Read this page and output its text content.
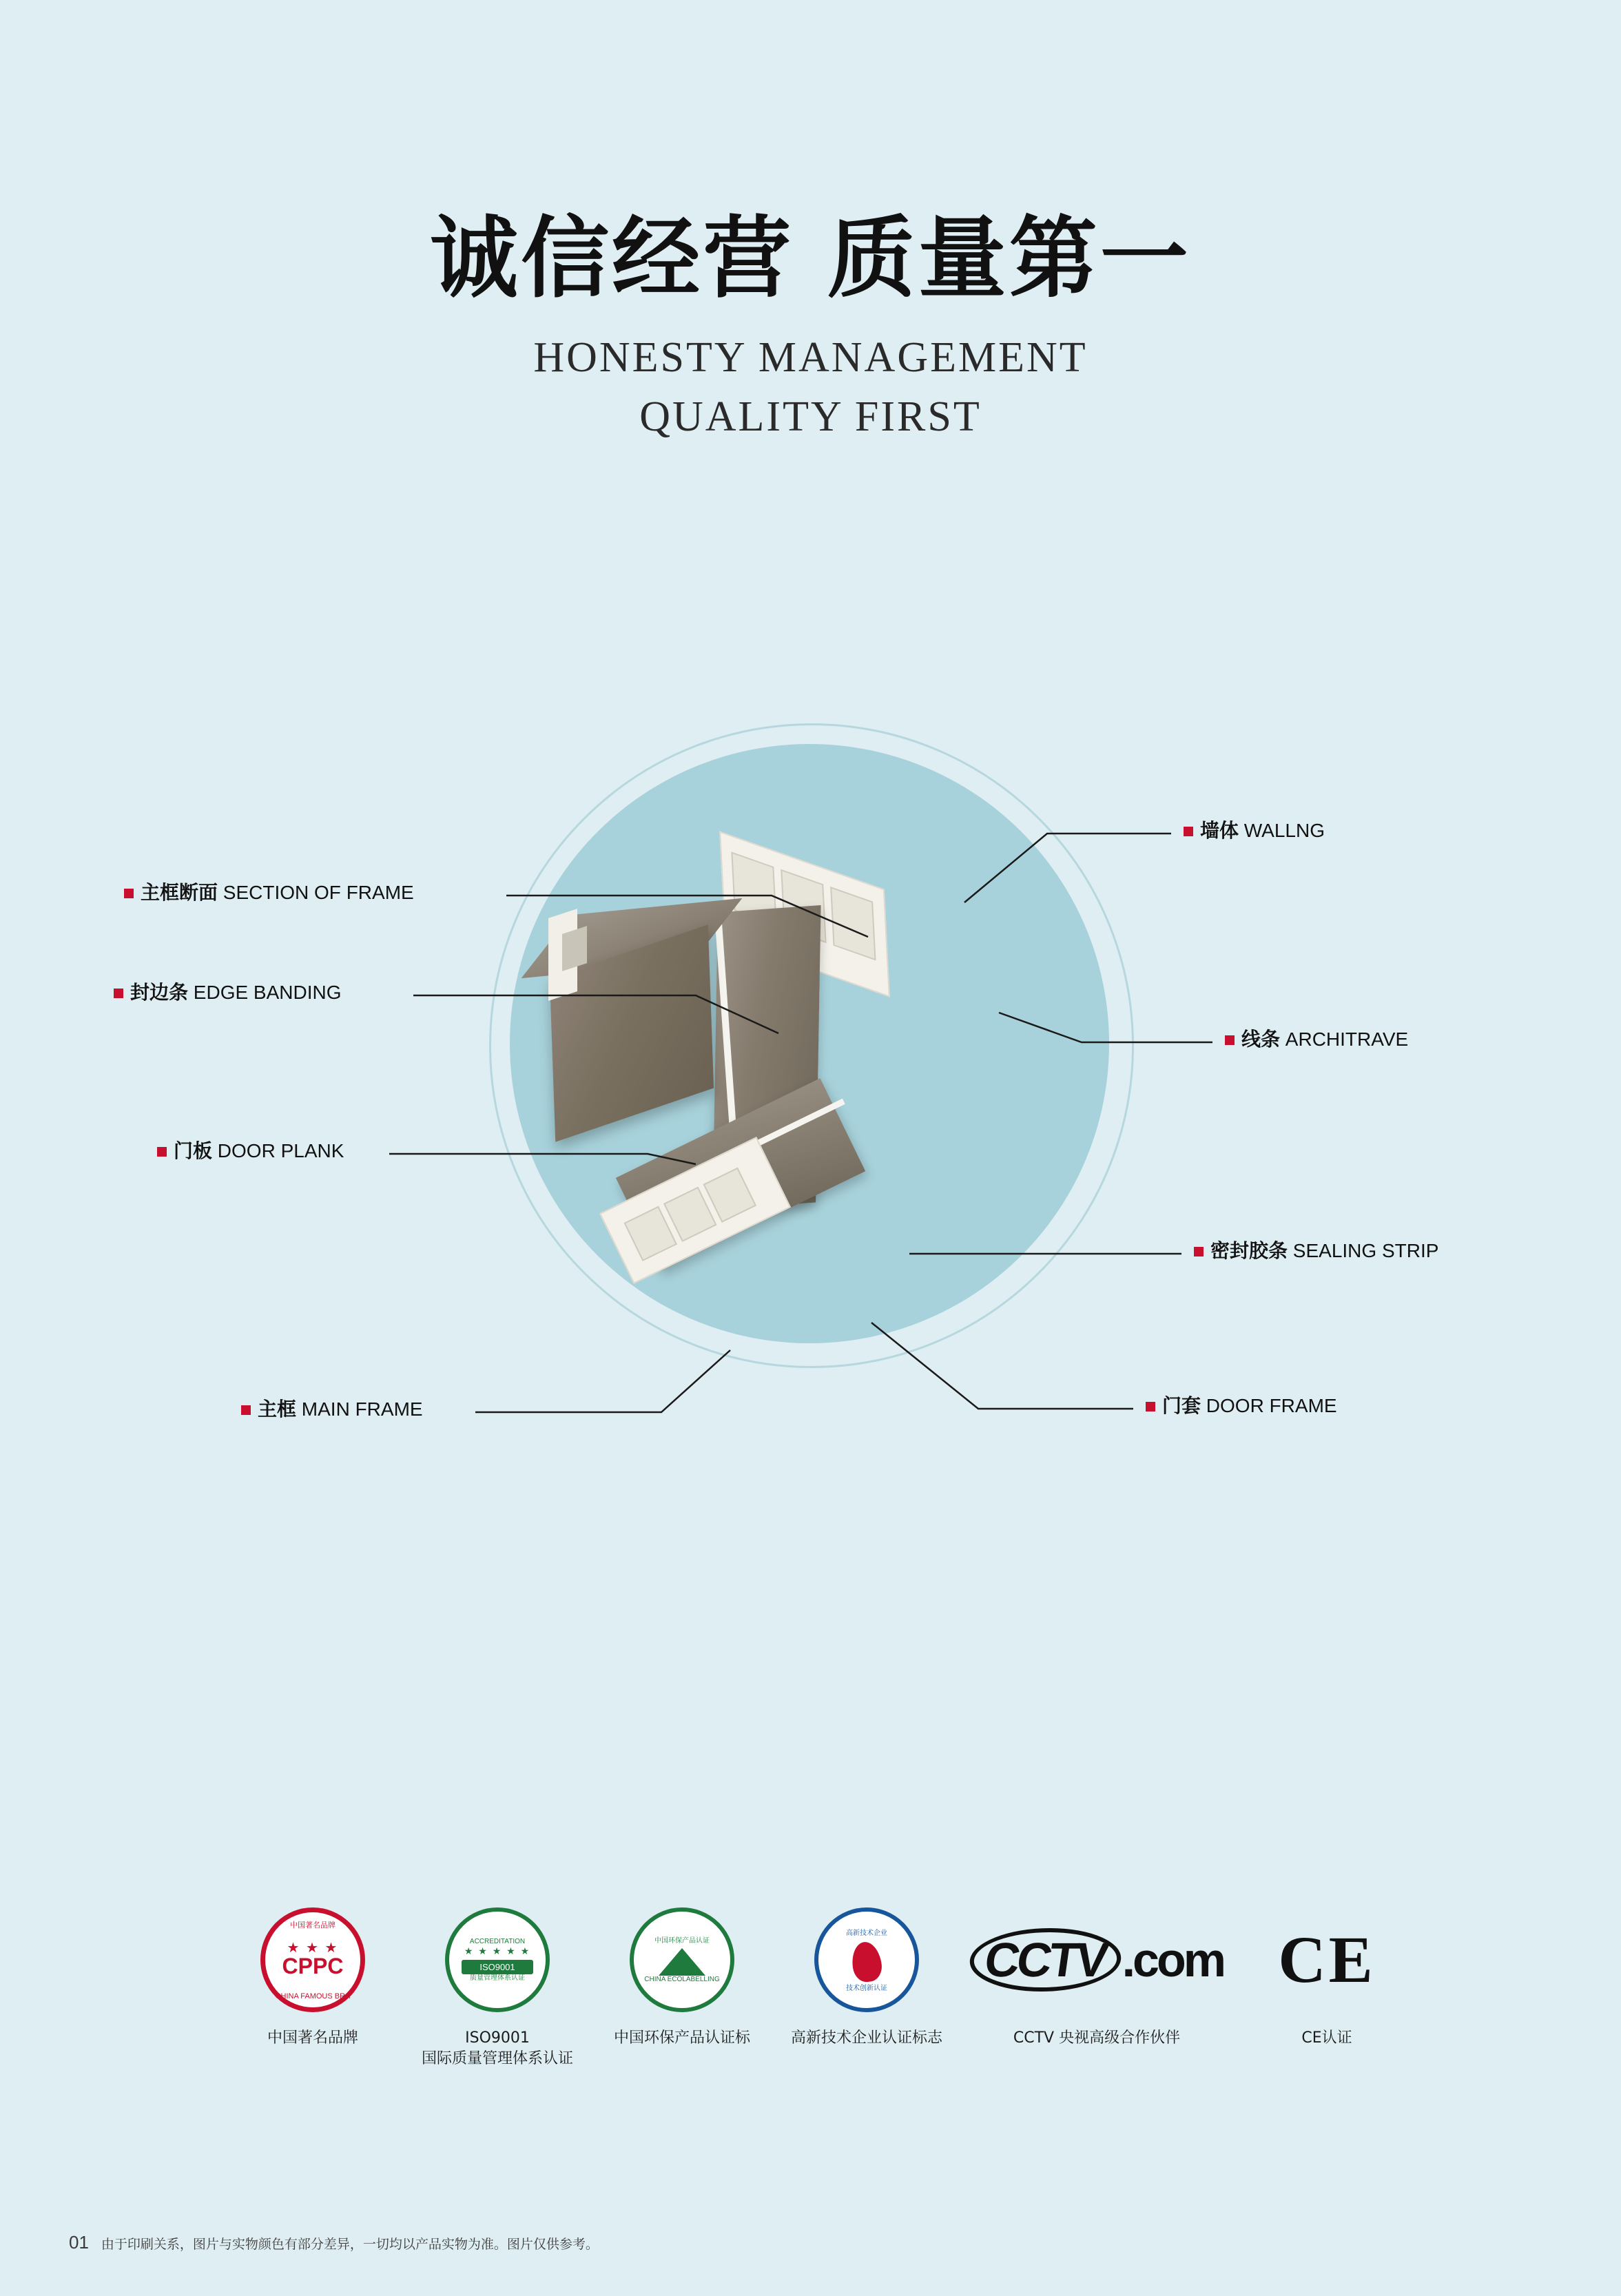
诚信经营 质量第一
HONESTY MANAGEMENT
QUALITY FIRST
主框断面 SECTION OF FRAME
封边条 EDGE BANDING
门板 DOOR PLANK
主框 MAIN FRAME
墙体 WALLNG
线条 ARCHITRAVE
密封胶条 SEALING STRIP
门套 DOOR FRAME
中国著名品牌
★ ★ ★
CPPC
CHINA FAMOUS BRA
中国著名品牌
ACCREDITATION
★ ★ ★ ★ ★
ISO9001
质量管理体系认证
ISO9001
国际质量管理体系认证
中国环保产品认证
CHINA ECOLABELLING
中国环保产品认证标
高新技术企业
技术创新认证
高新技术企业认证标志
CCTV .com
CCTV 央视高级合作伙伴
CE
CE认证
01 由于印刷关系，图片与实物颜色有部分差异，一切均以产品实物为准。图片仅供参考。
